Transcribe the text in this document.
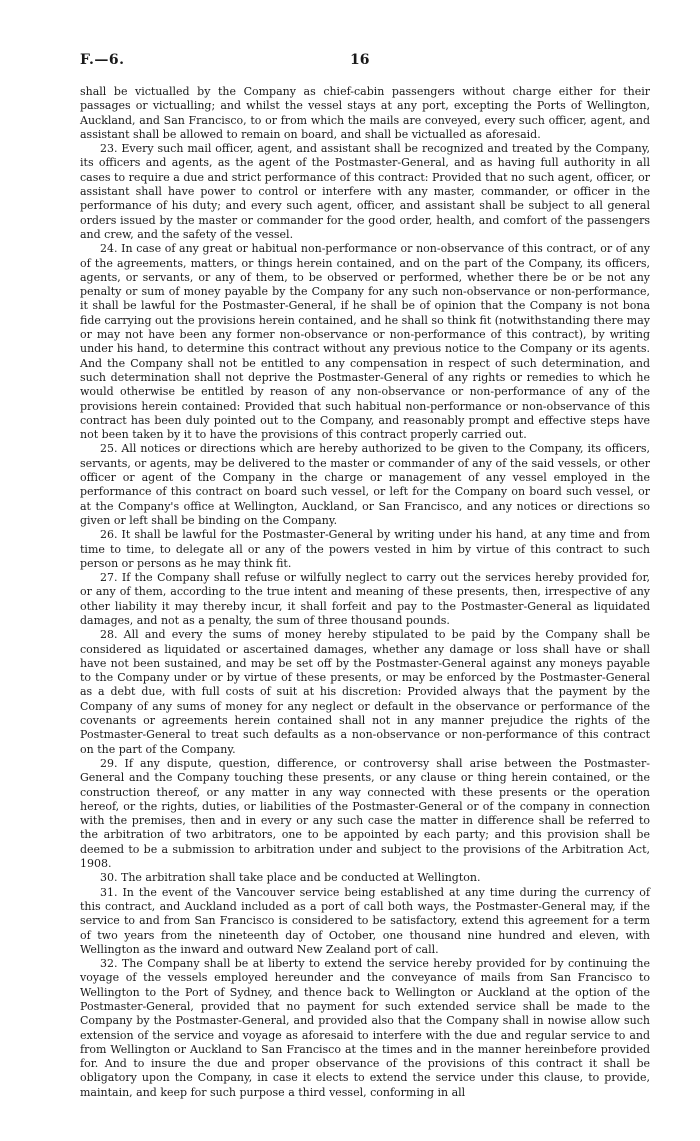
F.—6.	16

shall be victualled by the Company as chief-cabin passengers without charge either for their passages or victualling; and whilst the vessel stays at any port, excepting the Ports of Wellington, Auckland, and San Francisco, to or from which the mails are conveyed, every such officer, agent, and assistant shall be allowed to remain on board, and shall be victualled as aforesaid.

23. Every such mail officer, agent, and assistant shall be recognized and treated by the Company, its officers and agents, as the agent of the Postmaster-General, and as having full authority in all cases to require a due and strict performance of this contract: Provided that no such agent, officer, or assistant shall have power to control or interfere with any master, commander, or officer in the performance of his duty; and every such agent, officer, and assistant shall be subject to all general orders issued by the master or commander for the good order, health, and comfort of the passengers and crew, and the safety of the vessel.

24. In case of any great or habitual non-performance or non-observance of this contract, or of any of the agreements, matters, or things herein contained, and on the part of the Company, its officers, agents, or servants, or any of them, to be observed or performed, whether there be or be not any penalty or sum of money payable by the Company for any such non-observance or non-performance, it shall be lawful for the Postmaster-General, if he shall be of opinion that the Company is not bona fide carrying out the provisions herein contained, and he shall so think fit (notwithstanding there may or may not have been any former non-observance or non-performance of this contract), by writing under his hand, to determine this contract without any previous notice to the Company or its agents. And the Company shall not be entitled to any compensation in respect of such determination, and such determination shall not deprive the Postmaster-General of any rights or remedies to which he would otherwise be entitled by reason of any non-observance or non-performance of any of the provisions herein contained: Provided that such habitual non-performance or non-observance of this contract has been duly pointed out to the Company, and reasonably prompt and effective steps have not been taken by it to have the provisions of this contract properly carried out.

25. All notices or directions which are hereby authorized to be given to the Company, its officers, servants, or agents, may be delivered to the master or commander of any of the said vessels, or other officer or agent of the Company in the charge or management of any vessel employed in the performance of this contract on board such vessel, or left for the Company on board such vessel, or at the Company's office at Wellington, Auckland, or San Francisco, and any notices or directions so given or left shall be binding on the Company.

26. It shall be lawful for the Postmaster-General by writing under his hand, at any time and from time to time, to delegate all or any of the powers vested in him by virtue of this contract to such person or persons as he may think fit.

27. If the Company shall refuse or wilfully neglect to carry out the services hereby provided for, or any of them, according to the true intent and meaning of these presents, then, irrespective of any other liability it may thereby incur, it shall forfeit and pay to the Postmaster-General as liquidated damages, and not as a penalty, the sum of three thousand pounds.

28. All and every the sums of money hereby stipulated to be paid by the Company shall be considered as liquidated or ascertained damages, whether any damage or loss shall have or shall have not been sustained, and may be set off by the Postmaster-General against any moneys payable to the Company under or by virtue of these presents, or may be enforced by the Postmaster-General as a debt due, with full costs of suit at his discretion: Provided always that the payment by the Company of any sums of money for any neglect or default in the observance or performance of the covenants or agreements herein contained shall not in any manner prejudice the rights of the Postmaster-General to treat such defaults as a non-observance or non-performance of this contract on the part of the Company.

29. If any dispute, question, difference, or controversy shall arise between the Postmaster-General and the Company touching these presents, or any clause or thing herein contained, or the construction thereof, or any matter in any way connected with these presents or the operation hereof, or the rights, duties, or liabilities of the Postmaster-General or of the company in connection with the premises, then and in every or any such case the matter in difference shall be referred to the arbitration of two arbitrators, one to be appointed by each party; and this provision shall be deemed to be a submission to arbitration under and subject to the provisions of the Arbitration Act, 1908.

30. The arbitration shall take place and be conducted at Wellington.

31. In the event of the Vancouver service being established at any time during the currency of this contract, and Auckland included as a port of call both ways, the Postmaster-General may, if the service to and from San Francisco is considered to be satisfactory, extend this agreement for a term of two years from the nineteenth day of October, one thousand nine hundred and eleven, with Wellington as the inward and outward New Zealand port of call.

32. The Company shall be at liberty to extend the service hereby provided for by continuing the voyage of the vessels employed hereunder and the conveyance of mails from San Francisco to Wellington to the Port of Sydney, and thence back to Wellington or Auckland at the option of the Postmaster-General, provided that no payment for such extended service shall be made to the Company by the Postmaster-General, and provided also that the Company shall in nowise allow such extension of the service and voyage as aforesaid to interfere with the due and regular service to and from Wellington or Auckland to San Francisco at the times and in the manner hereinbefore provided for. And to insure the due and proper observance of the provisions of this contract it shall be obligatory upon the Company, in case it elects to extend the service under this clause, to provide, maintain, and keep for such purpose a third vessel, conforming in all
